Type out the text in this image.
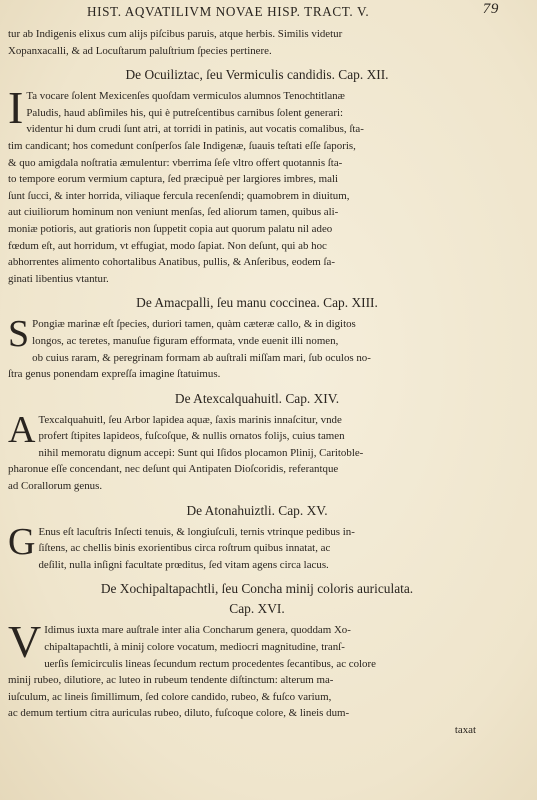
HIST. AQVATILIVM NOVAE HISP. TRACT. V.	79
tur ab Indigenis elixus cum alijs piſcibus paruis, atque herbis. Similis videtur
Xopanxacalli, & ad Locuſtarum paluſtrium ſpecies pertinere.
De Ocuiliztac, ſeu Vermiculis candidis. Cap. XII.
I Ta vocare ſolent Mexicenſes quoſdam vermiculos alumnos Tenochtitlanæ
Paludis, haud abſimiles his, qui è putreſcentibus carnibus ſolent generari:
videntur hi dum crudi ſunt atri, at torridi in patinis, aut vocatis comalibus, ſta-
tim candicant; hos comedunt conſperſos ſale Indigenæ, ſuauis teſtati eſſe ſaporis,
& quo amigdala noſtratia æmulentur: vberrima ſeſe vltro offert quotannis ſta-
to tempore eorum vermium captura, ſed præcipuè per largiores imbres, mali
ſunt ſucci, & inter horrida, viliaque fercula recenſendi; quamobrem in diuitum,
aut ciuiliorum hominum non veniunt menſas, ſed aliorum tamen, quibus ali-
moniæ potioris, aut gratioris non ſuppetit copia aut quorum palatu nil adeo
fœdum eſt, aut horridum, vt effugiat, modo ſapiat. Non deſunt, qui ab hoc
abhorrentes alimento cohortalibus Anatibus, pullis, & Anſeribus, eodem ſa-
ginati libentius vtantur.
De Amacpalli, ſeu manu coccinea. Cap. XIII.
S Pongiæ marinæ eſt ſpecies, duriori tamen, quàm cæteræ callo, & in digitos
longos, ac teretes, manuſue figuram efformata, vnde euenit illi nomen,
ob cuius raram, & peregrinam formam ab auſtrali miſſam mari, ſub oculos no-
ſtra genus ponendam expreſſa imagine ſtatuimus.
De Atexcalquahuitl. Cap. XIV.
A Texcalquahuitl, ſeu Arbor lapidea aquæ, ſaxis marinis innaſcitur, vnde
profert ſtipites lapideos, fuſcoſque, & nullis ornatos folijs, cuius tamen
nihil memoratu dignum accepi: Sunt qui Iſidos plocamon Plinij, Caritoble-
pharonue eſſe concendant, nec deſunt qui Antipaten Dioſcoridis, referantque
ad Corallorum genus.
De Atonahuiztli. Cap. XV.
G Enus eſt lacuſtris Inſecti tenuis, & longiuſculi, ternis vtrinque pedibus in-
ſiſtens, ac chellis binis exorientibus circa roſtrum quibus innatat, ac
deſilit, nulla inſigni facultate prœditus, ſed vitam agens circa lacus.
De Xochipaltapachtli, ſeu Concha minij coloris auriculata.
Cap. XVI.
V Idimus iuxta mare auſtrale inter alia Concharum genera, quoddam Xo-
chipaltapachtli, à minij colore vocatum, mediocri magnitudine, tranſ-
uerſis ſemicirculis lineas ſecundum rectum procedentes ſecantibus, ac colore
minij rubeo, dilutiore, ac luteo in rubeum tendente diſtinctum: alterum ma-
iuſculum, ac lineis ſimillimum, ſed colore candido, rubeo, & fuſco varium,
ac demum tertium citra auriculas rubeo, diluto, fuſcoque colore, & lineis dum-
taxat
